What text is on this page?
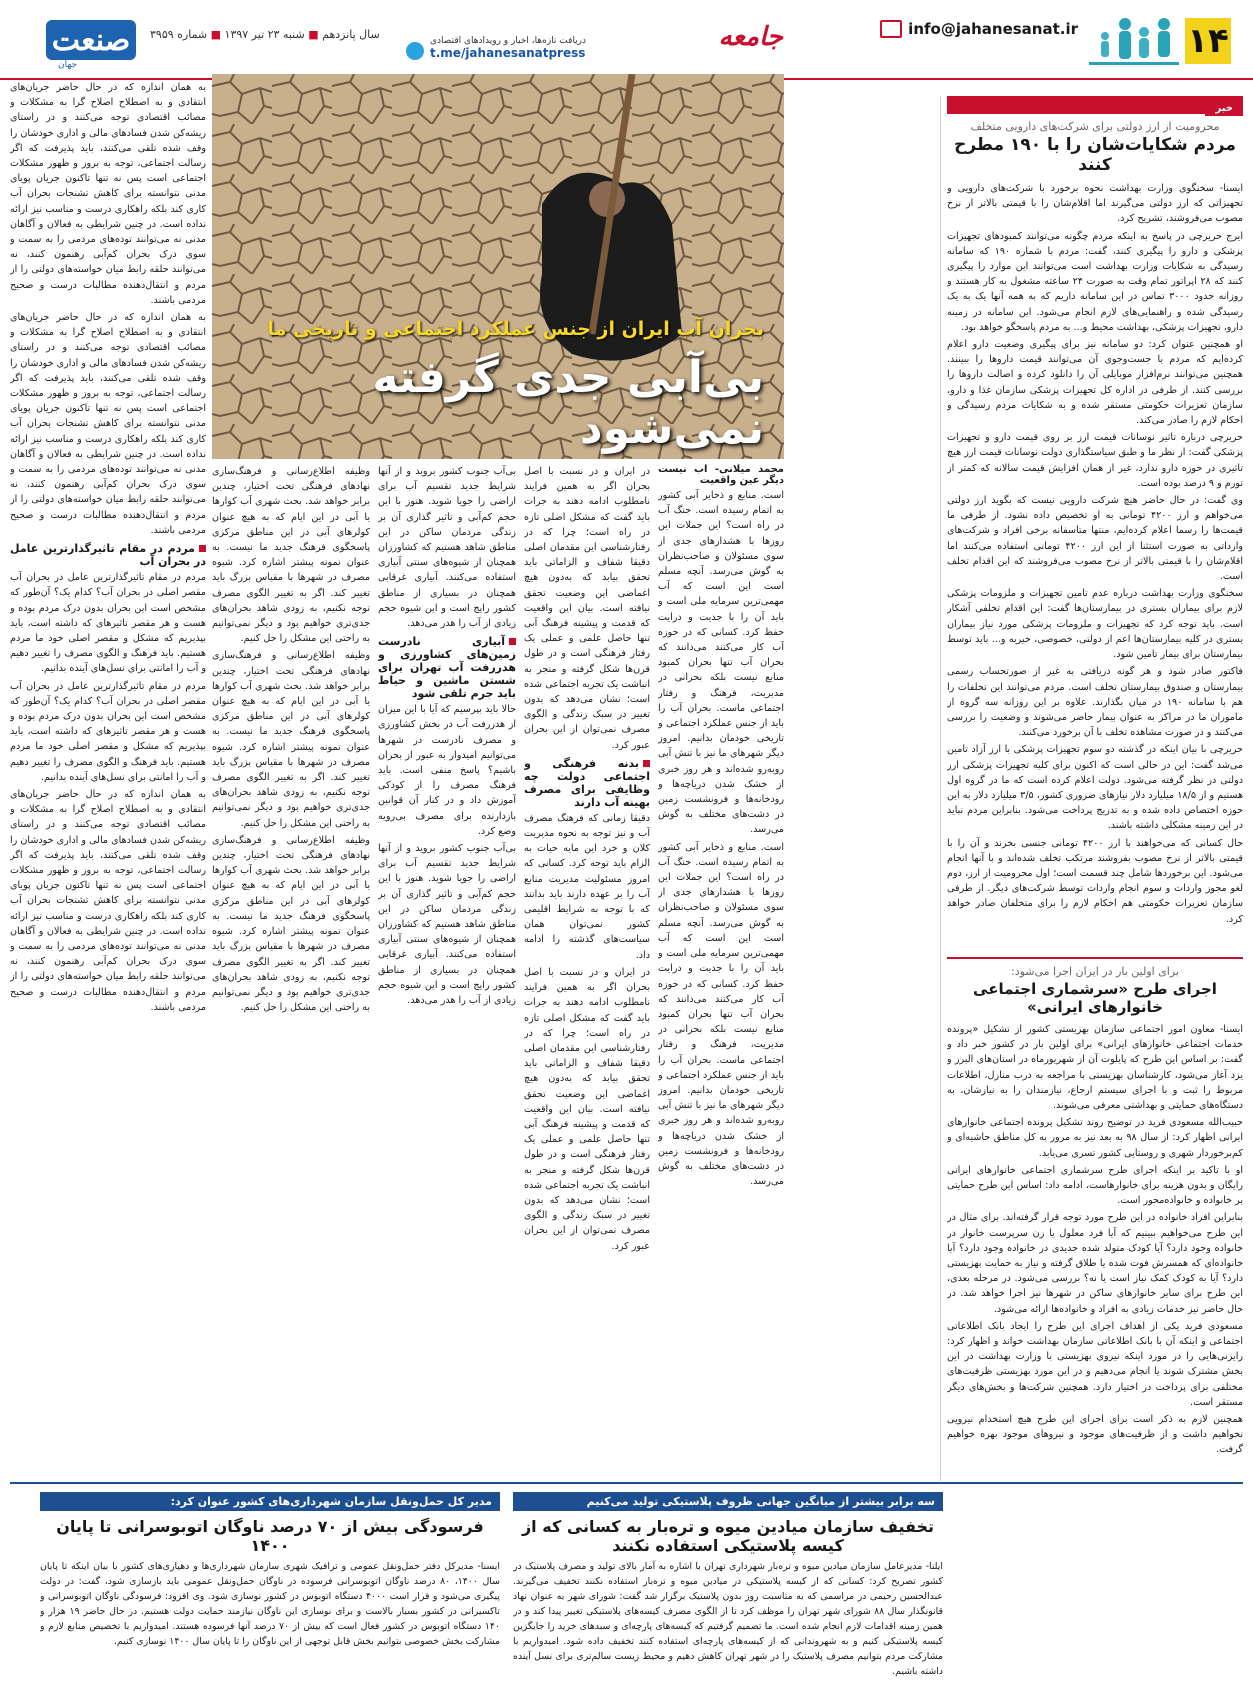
۱۴
info@jahanesanat.ir
جامعه
دریافت تازه‌ها، اخبار و رویدادهای اقتصادی
t.me/jahanesanatpress
سال پانزدهم ■ شنبه ۲۳ تیر ۱۳۹۷ ■ شماره ۳۹۵۹
صنعت
جهان
خبر
محرومیت از ارز دولتی برای شرکت‌های دارویی متخلف
مردم شکایات‌شان را با ۱۹۰ مطرح کنند

ایسنا- سخنگوی وزارت بهداشت نحوه برخورد با شرکت‌های دارویی و تجهیزاتی که ارز دولتی می‌گیرند اما اقلام‌شان را با قیمتی بالاتر از نرخ مصوب می‌فروشند، تشریح کرد.

ایرج حریرچی در پاسخ به اینکه مردم چگونه می‌توانند کمبودهای تجهیزات پزشکی و دارو را پیگیری کنند، گفت: مردم با شماره ۱۹۰ که سامانه رسیدگی به شکایات وزارت بهداشت است می‌توانند این موارد را پیگیری کنند که ۲۸ اپراتور تمام وقت به صورت ۲۴ ساعته مشغول به کار هستند و روزانه حدود ۳۰۰۰ تماس در این سامانه داریم که به همه آنها یک به یک رسیدگی شده و راهنمایی‌های لازم انجام می‌شود. این سامانه در زمینه دارو، تجهیزات پزشکی، بهداشت محیط و... به مردم پاسخگو خواهد بود.

او همچنین عنوان کرد: دو سامانه نیز برای پیگیری وضعیت دارو اعلام کرده‌ایم که مردم با جست‌وجوی آن می‌توانند قیمت داروها را ببینند. همچنین می‌توانند نرم‌افزار موبایلی آن را دانلود کرده و اصالت داروها را بررسی کنند. از طرفی در اداره کل تجهیزات پزشکی سازمان غذا و دارو، سازمان تعزیرات حکومتی مستقر شده و به شکایات مردم رسیدگی و احکام لازم را صادر می‌کند.

حریرچی درباره تاثیر نوسانات قیمت ارز بر روی قیمت دارو و تجهیزات پزشکی گفت: از نظر ما و طبق سیاستگذاری دولت نوسانات قیمت ارز هیچ تاثیری در حوزه دارو ندارد، غیر از همان افزایش قیمت سالانه که کمتر از تورم و ۹ درصد بوده است.

وی گفت: در حال حاضر هیچ شرکت دارویی نیست که بگوید ارز دولتی می‌خواهم و ارز ۴۲۰۰ تومانی به او تخصیص داده نشود. از طرفی ما قیمت‌ها را رسما اعلام کرده‌ایم، منتها متاسفانه برخی افراد و شرکت‌های وارداتی به صورت استثنا از این ارز ۴۲۰۰ تومانی استفاده می‌کنند اما اقلام‌شان را با قیمتی بالاتر از نرخ مصوب می‌فروشند که این اقدام تخلف است.

سخنگوی وزارت بهداشت درباره عدم تامین تجهیزات و ملزومات پزشکی لازم برای بیماران بستری در بیمارستان‌ها گفت: این اقدام تخلفی آشکار است. باید توجه کرد که تجهیزات و ملزومات پزشکی مورد نیاز بیماران بستری در کلیه بیمارستان‌ها اعم از دولتی، خصوصی، خیریه و... باید توسط بیمارستان برای بیمار تامین شود.

فاکتور صادر شود و هر گونه دریافتی به غیر از صورتحساب رسمی بیمارستان و صندوق بیمارستان تخلف است. مردم می‌توانند این تخلفات را هم با سامانه ۱۹۰ در میان بگذارند. علاوه بر این روزانه سه گروه از ماموران ما در مراکز به عنوان بیمار حاضر می‌شوند و وضعیت را بررسی می‌کنند و در صورت مشاهده تخلف با آن برخورد می‌کنند.

حریرچی با بیان اینکه در گذشته دو سوم تجهیزات پزشکی با ارز آزاد تامین می‌شد گفت: این در حالی است که اکنون برای کلیه تجهیزات پزشکی ارز دولتی در نظر گرفته می‌شود. دولت اعلام کرده است که ما در گروه اول هستیم و از ۱۸/۵ میلیارد دلار نیازهای ضروری کشور، ۳/۵ میلیارد دلار به این حوزه اختصاص داده شده و به تدریج پرداخت می‌شود. بنابراین مردم نباید در این زمینه مشکلی داشته باشند.

حال کسانی که می‌خواهند با ارز ۴۲۰۰ تومانی جنسی بخرند و آن را با قیمتی بالاتر از نرخ مصوب بفروشند مرتکب تخلف شده‌اند و با آنها انجام می‌شود. این برخوردها شامل چند قسمت است؛ اول محرومیت از ارز، دوم لغو مجوز واردات و سوم انجام واردات توسط شرکت‌های دیگر. از طرفی سازمان تعزیرات حکومتی هم احکام لازم را برای متخلفان صادر خواهد کرد.

برای اولین بار در ایران اجرا می‌شود:
اجرای طرح «سرشماری اجتماعی خانوارهای ایرانی»

ایسنا- معاون امور اجتماعی سازمان بهزیستی کشور از تشکیل «پرونده خدمات اجتماعی خانوارهای ایرانی» برای اولین بار در کشور خبر داد و گفت: بر اساس این طرح که پایلوت آن از شهریورماه در استان‌های البرز و یزد آغاز می‌شود، کارشناسان بهزیستی با مراجعه به درب منازل، اطلاعات مربوط را ثبت و با اجرای سیستم ارجاع، نیازمندان را به نیازشان، به دستگاه‌های حمایتی و بهداشتی معرفی می‌شوند.

حبیب‌الله مسعودی فرید در توضیح روند تشکیل پرونده اجتماعی خانوارهای ایرانی اظهار کرد: از سال ۹۸ به بعد نیز به مرور به کل مناطق حاشیه‌ای و کم‌برخوردار شهری و روستایی کشور تسری می‌یابد.

او با تاکید بر اینکه اجرای طرح سرشماری اجتماعی خانوارهای ایرانی رایگان و بدون هزینه برای خانوارهاست، ادامه داد: اساس این طرح حمایتی بر خانواده و خانواده‌محور است.

بنابراین افراد خانواده در این طرح مورد توجه قرار گرفته‌اند. برای مثال در این طرح می‌خواهیم ببینیم که آیا فرد معلول یا زن سرپرست خانوار در خانواده وجود دارد؟ آیا کودک متولد شده جدیدی در خانواده وجود دارد؟ آیا خانواده‌ای که همسرش فوت شده یا طلاق گرفته و نیاز به حمایت بهزیستی دارد؟ آیا به کودک کمک نیاز است یا نه؟ بررسی می‌شود. در مرحله بعدی، این طرح برای سایر خانوارهای ساکن در شهرها نیز اجرا خواهد شد. در حال حاضر نیز خدمات زیادی به افراد و خانواده‌ها ارائه می‌شود.

مسعودی فرید یکی از اهداف اجرای این طرح را ایجاد بانک اطلاعاتی اجتماعی و اینکه آن با بانک اطلاعاتی سازمان بهداشت خواند و اظهار کرد: رایزنی‌هایی را در مورد اینکه نیروی بهزیستی با وزارت بهداشت در این بخش مشترک شوند یا انجام می‌دهیم و در این مورد بهزیستی ظرفیت‌های مختلفی برای پرداخت در اختیار دارد. همچنین شرکت‌ها و بخش‌های دیگر مستقر است.

همچنین لازم به ذکر است برای اجرای این طرح هیچ استخدام نیرویی نخواهیم داشت و از ظرفیت‌های موجود و نیروهای موجود بهره خواهیم گرفت.

بحران آب ایران از جنس عملکرد اجتماعی و تاریخی ما
بی‌آبی جدی گرفته نمی‌شود

محمد میلانی- آب نیست دیگر عین واقعیت

است. منابع و ذخایر آبی کشور به اتمام رسیده است. جنگ آب در راه است؟ این جملات این روزها با هشدارهای جدی از سوی مسئولان و صاحب‌نظران به گوش می‌رسد. آنچه مسلم است این است که آب مهمی‌ترین سرمایه ملی است و باید آن را با جدیت و درایت حفظ کرد. کسانی که در حوزه آب کار می‌کنند می‌دانند که بحران آب تنها بحران کمبود منابع نیست بلکه بحرانی در مدیریت، فرهنگ و رفتار اجتماعی ماست. بحران آب را باید از جنس عملکرد اجتماعی و تاریخی خودمان بدانیم. امروز دیگر شهرهای ما نیز با تنش آبی روبه‌رو شده‌اند و هر روز خبری از خشک شدن دریاچه‌ها و رودخانه‌ها و فرونشست زمین در دشت‌های مختلف به گوش می‌رسد.

است. منابع و ذخایر آبی کشور به اتمام رسیده است. جنگ آب در راه است؟ این جملات این روزها با هشدارهای جدی از سوی مسئولان و صاحب‌نظران به گوش می‌رسد. آنچه مسلم است این است که آب مهمی‌ترین سرمایه ملی است و باید آن را با جدیت و درایت حفظ کرد. کسانی که در حوزه آب کار می‌کنند می‌دانند که بحران آب تنها بحران کمبود منابع نیست بلکه بحرانی در مدیریت، فرهنگ و رفتار اجتماعی ماست. بحران آب را باید از جنس عملکرد اجتماعی و تاریخی خودمان بدانیم. امروز دیگر شهرهای ما نیز با تنش آبی روبه‌رو شده‌اند و هر روز خبری از خشک شدن دریاچه‌ها و رودخانه‌ها و فرونشست زمین در دشت‌های مختلف به گوش می‌رسد.

در ایران و در نسبت با اصل بحران اگر به همین فرایند نامطلوب ادامه دهند به جرات باید گفت که مشکل اصلی تازه در راه است؛ چرا که در رفتارشناسی این مقدمان اصلی دقیقا شفاف و الزاماتی باید تحقق بیابد که به‌دون هیچ اغماضی این وضعیت تحقق نیافته است. بیان این واقعیت که قدمت و پیشینه فرهنگ آبی تنها حاصل علمی و عملی یک رفتار فرهنگی است و در طول قرن‌ها شکل گرفته و منجر به انباشت یک تجربه اجتماعی شده است؛ نشان می‌دهد که بدون تغییر در سبک زندگی و الگوی مصرف نمی‌توان از این بحران عبور کرد.

بدنه فرهنگی و اجتماعی دولت چه وظایفی برای مصرف بهینه آب دارند

دقیقا زمانی که فرهنگ مصرف آب و نیز توجه به نحوه مدیریت کلان و خرد این مایه حیات به الزام باید توجه کرد. کسانی که امروز مسئولیت مدیریت منابع آب را بر عهده دارند باید بدانند که با توجه به شرایط اقلیمی کشور نمی‌توان همان سیاست‌های گذشته را ادامه داد.

در ایران و در نسبت با اصل بحران اگر به همین فرایند نامطلوب ادامه دهند به جرات باید گفت که مشکل اصلی تازه در راه است؛ چرا که در رفتارشناسی این مقدمان اصلی دقیقا شفاف و الزاماتی باید تحقق بیابد که به‌دون هیچ اغماضی این وضعیت تحقق نیافته است. بیان این واقعیت که قدمت و پیشینه فرهنگ آبی تنها حاصل علمی و عملی یک رفتار فرهنگی است و در طول قرن‌ها شکل گرفته و منجر به انباشت یک تجربه اجتماعی شده است؛ نشان می‌دهد که بدون تغییر در سبک زندگی و الگوی مصرف نمی‌توان از این بحران عبور کرد.

بی‌آب جنوب کشور بروید و از آنها شرایط جدید تقسیم آب برای اراضی را جویا شوید. هنوز با این حجم کم‌آبی و تاثیر گذاری آن بر زندگی مردمان ساکن در این مناطق شاهد هستیم که کشاورزان همچنان از شیوه‌های سنتی آبیاری استفاده می‌کنند. آبیاری غرقابی همچنان در بسیاری از مناطق کشور رایج است و این شیوه حجم زیادی از آب را هدر می‌دهد.

آبیاری نادرست زمین‌های کشاورزی و هدررفت آب تهران برای شستن ماشین و حیاط باید جرم تلقی شود

حالا باید بپرسیم که آیا با این میزان از هدررفت آب در بخش کشاورزی و مصرف نادرست در شهرها می‌توانیم امیدوار به عبور از بحران باشیم؟ پاسخ منفی است. باید فرهنگ مصرف را از کودکی آموزش داد و در کنار آن قوانین بازدارنده برای مصرف بی‌رویه وضع کرد.

بی‌آب جنوب کشور بروید و از آنها شرایط جدید تقسیم آب برای اراضی را جویا شوید. هنوز با این حجم کم‌آبی و تاثیر گذاری آن بر زندگی مردمان ساکن در این مناطق شاهد هستیم که کشاورزان همچنان از شیوه‌های سنتی آبیاری استفاده می‌کنند. آبیاری غرقابی همچنان در بسیاری از مناطق کشور رایج است و این شیوه حجم زیادی از آب را هدر می‌دهد.

وظیفه اطلاع‌رسانی و فرهنگ‌سازی نهادهای فرهنگی تحت اختیار، چندین برابر خواهد شد. بحث شهری آب کوارها یا آبی در این ایام که به هیچ عنوان کولرهای آبی در این مناطق مرکزی پاسخگوی فرهنگ جدید ما نیست. به عنوان نمونه پیشتر اشاره کرد. شیوه مصرف در شهرها با مقیاس بزرگ باید تغییر کند. اگر به تغییر الگوی مصرف توجه نکنیم، به زودی شاهد بحران‌های جدی‌تری خواهیم بود و دیگر نمی‌توانیم به راحتی این مشکل را حل کنیم.

وظیفه اطلاع‌رسانی و فرهنگ‌سازی نهادهای فرهنگی تحت اختیار، چندین برابر خواهد شد. بحث شهری آب کوارها یا آبی در این ایام که به هیچ عنوان کولرهای آبی در این مناطق مرکزی پاسخگوی فرهنگ جدید ما نیست. به عنوان نمونه پیشتر اشاره کرد. شیوه مصرف در شهرها با مقیاس بزرگ باید تغییر کند. اگر به تغییر الگوی مصرف توجه نکنیم، به زودی شاهد بحران‌های جدی‌تری خواهیم بود و دیگر نمی‌توانیم به راحتی این مشکل را حل کنیم.

وظیفه اطلاع‌رسانی و فرهنگ‌سازی نهادهای فرهنگی تحت اختیار، چندین برابر خواهد شد. بحث شهری آب کوارها یا آبی در این ایام که به هیچ عنوان کولرهای آبی در این مناطق مرکزی پاسخگوی فرهنگ جدید ما نیست. به عنوان نمونه پیشتر اشاره کرد. شیوه مصرف در شهرها با مقیاس بزرگ باید تغییر کند. اگر به تغییر الگوی مصرف توجه نکنیم، به زودی شاهد بحران‌های جدی‌تری خواهیم بود و دیگر نمی‌توانیم به راحتی این مشکل را حل کنیم.

به همان اندازه که در حال حاضر جریان‌های انتقادی و به اصطلاح اصلاح گرا به مشکلات و مصائب اقتصادی توجه می‌کنند و در راستای ریشه‌کن شدن فسادهای مالی و اداری خودشان را وقف شده تلقی می‌کنند، باید پذیرفت که اگر رسالت اجتماعی، توجه به بروز و ظهور مشکلات اجتماعی است پس نه تنها تاکنون جریان پویای مدنی نتوانسته برای کاهش تشنجات بحران آب کاری کند بلکه راهکاری درست و مناسب نیز ارائه نداده است. در چنین شرایطی به فعالان و آگاهان مدنی نه می‌توانند توده‌های مردمی را به سمت و سوی درک بحران کم‌آبی رهنمون کنند، نه می‌توانند حلقه رابط میان خواسته‌های دولتی را از مردم و انتقال‌دهنده مطالبات درست و صحیح مردمی باشند.

به همان اندازه که در حال حاضر جریان‌های انتقادی و به اصطلاح اصلاح گرا به مشکلات و مصائب اقتصادی توجه می‌کنند و در راستای ریشه‌کن شدن فسادهای مالی و اداری خودشان را وقف شده تلقی می‌کنند، باید پذیرفت که اگر رسالت اجتماعی، توجه به بروز و ظهور مشکلات اجتماعی است پس نه تنها تاکنون جریان پویای مدنی نتوانسته برای کاهش تشنجات بحران آب کاری کند بلکه راهکاری درست و مناسب نیز ارائه نداده است. در چنین شرایطی به فعالان و آگاهان مدنی نه می‌توانند توده‌های مردمی را به سمت و سوی درک بحران کم‌آبی رهنمون کنند، نه می‌توانند حلقه رابط میان خواسته‌های دولتی را از مردم و انتقال‌دهنده مطالبات درست و صحیح مردمی باشند.

مردم در مقام تاثیرگذارترین عامل در بحران آب

مردم در مقام تاثیرگذارترین عامل در بحران آب مقصر اصلی در بحران آب؟ کدام یک؟ آن‌طور که مشخص است این بحران بدون درک مردم بوده و هست و هر مقصر تاثیرهای که داشته است، باید بپذیریم که مشکل و مقصر اصلی خود ما مردم هستیم. باید فرهنگ و الگوی مصرف را تغییر دهیم و آب را امانتی برای نسل‌های آینده بدانیم.

مردم در مقام تاثیرگذارترین عامل در بحران آب مقصر اصلی در بحران آب؟ کدام یک؟ آن‌طور که مشخص است این بحران بدون درک مردم بوده و هست و هر مقصر تاثیرهای که داشته است، باید بپذیریم که مشکل و مقصر اصلی خود ما مردم هستیم. باید فرهنگ و الگوی مصرف را تغییر دهیم و آب را امانتی برای نسل‌های آینده بدانیم.

به همان اندازه که در حال حاضر جریان‌های انتقادی و به اصطلاح اصلاح گرا به مشکلات و مصائب اقتصادی توجه می‌کنند و در راستای ریشه‌کن شدن فسادهای مالی و اداری خودشان را وقف شده تلقی می‌کنند، باید پذیرفت که اگر رسالت اجتماعی، توجه به بروز و ظهور مشکلات اجتماعی است پس نه تنها تاکنون جریان پویای مدنی نتوانسته برای کاهش تشنجات بحران آب کاری کند بلکه راهکاری درست و مناسب نیز ارائه نداده است. در چنین شرایطی به فعالان و آگاهان مدنی نه می‌توانند توده‌های مردمی را به سمت و سوی درک بحران کم‌آبی رهنمون کنند، نه می‌توانند حلقه رابط میان خواسته‌های دولتی را از مردم و انتقال‌دهنده مطالبات درست و صحیح مردمی باشند.

سه برابر بیشتر از میانگین جهانی ظروف پلاستیکی تولید می‌کنیم
تخفیف سازمان میادین میوه و تره‌بار به کسانی که از کیسه پلاستیکی استفاده نکنند
ایلنا- مدیرعامل سازمان میادین میوه و تره‌بار شهرداری تهران با اشاره به آمار بالای تولید و مصرف پلاستیک در کشور تصریح کرد: کسانی که از کیسه پلاستیکی در میادین میوه و تره‌بار استفاده نکنند تخفیف می‌گیرند. عبدالحسین رحیمی در مراسمی که به مناسبت روز بدون پلاستیک برگزار شد گفت: شورای شهر به عنوان نهاد قانونگذار سال ۸۸ شورای شهر تهران را موظف کرد تا از الگوی مصرف کیسه‌های پلاستیکی تغییر پیدا کند و در همین زمینه اقدامات لازم انجام شده است. ما تصمیم گرفتیم که کیسه‌های پارچه‌ای و سبدهای خرید را جایگزین کیسه پلاستیکی کنیم و به شهروندانی که از کیسه‌های پارچه‌ای استفاده کنند تخفیف داده شود. امیدواریم با مشارکت مردم بتوانیم مصرف پلاستیک را در شهر تهران کاهش دهیم و محیط زیست سالم‌تری برای نسل آینده داشته باشیم.
مدیر کل حمل‌ونقل سازمان شهرداری‌های کشور عنوان کرد:
فرسودگی بیش از ۷۰ درصد ناوگان اتوبوسرانی تا پایان ۱۴۰۰
ایسنا- مدیرکل دفتر حمل‌ونقل عمومی و ترافیک شهری سازمان شهرداری‌ها و دهیاری‌های کشور با بیان اینکه تا پایان سال ۱۴۰۰، ۸۰ درصد ناوگان اتوبوسرانی فرسوده در ناوگان حمل‌ونقل عمومی باید بازسازی شود، گفت: در دولت پیگیری می‌شود و قرار است ۴۰۰۰ دستگاه اتوبوس در کشور نوسازی شود. وی افزود: فرسودگی ناوگان اتوبوسرانی و تاکسیرانی در کشور بسیار بالاست و برای نوسازی این ناوگان نیازمند حمایت دولت هستیم. در حال حاضر ۱۹ هزار و ۱۴۰ دستگاه اتوبوس در کشور فعال است که بیش از ۷۰ درصد آنها فرسوده هستند. امیدواریم با تخصیص منابع لازم و مشارکت بخش خصوصی بتوانیم بخش قابل توجهی از این ناوگان را تا پایان سال ۱۴۰۰ نوسازی کنیم.
